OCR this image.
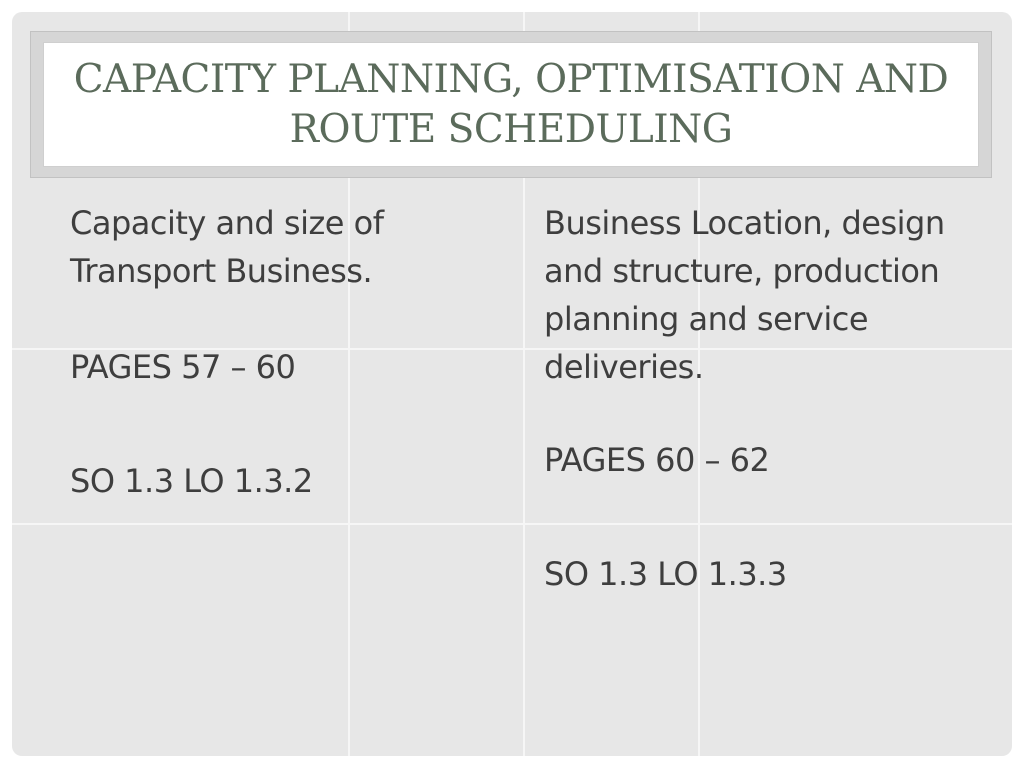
CAPACITY PLANNING, OPTIMISATION AND ROUTE SCHEDULING

Capacity and size of Transport Business.

PAGES 57 – 60

SO 1.3 LO 1.3.2

Business Location, design and structure, production planning and service deliveries.

PAGES 60 – 62

SO 1.3 LO 1.3.3
